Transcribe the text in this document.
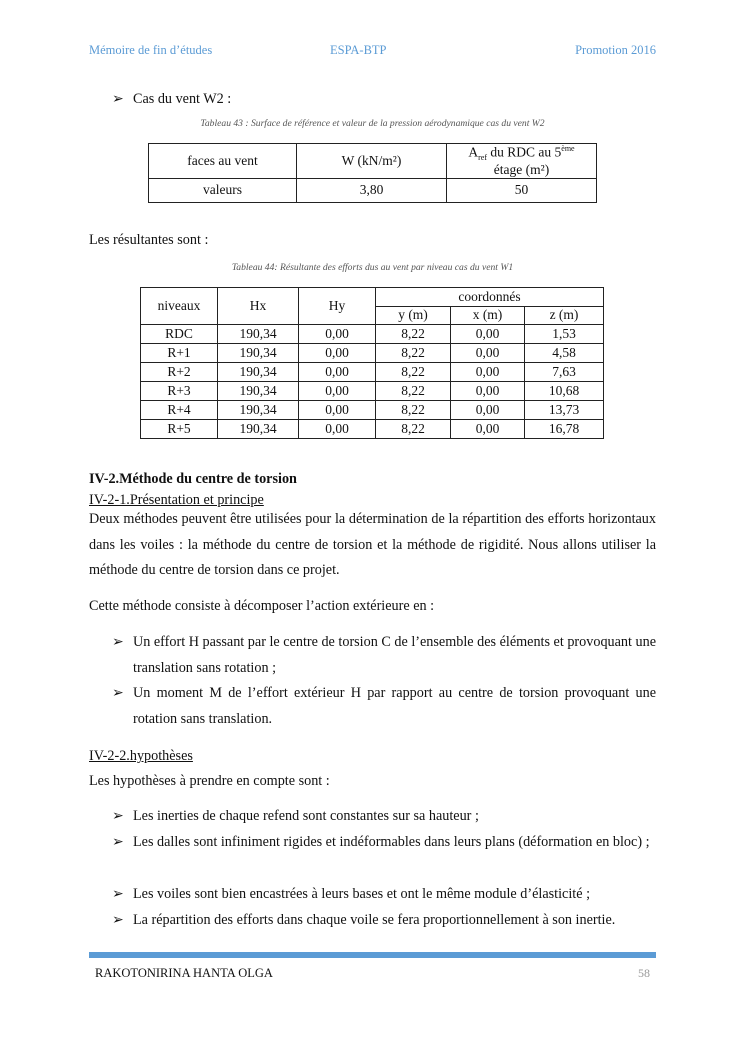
Mémoire de fin d’études	ESPA-BTP	Promotion 2016
➢ Cas du vent W2 :
Tableau 43 : Surface de référence et valeur de la pression aérodynamique cas du vent W2
faces au vent	W (kN/m²)	$A_{ref}$ du RDC au 5ème
étage (m²)
valeurs	3,80	50
Les résultantes sont :
Tableau 44: Résultante des efforts dus au vent par niveau cas du vent W1
niveaux	Hx	Hy	coordonnés		
			y (m)	x (m)	z (m)
RDC	190,34	0,00	8,22	0,00	1,53
R+1	190,34	0,00	8,22	0,00	4,58
R+2	190,34	0,00	8,22	0,00	7,63
R+3	190,34	0,00	8,22	0,00	10,68
R+4	190,34	0,00	8,22	0,00	13,73
R+5	190,34	0,00	8,22	0,00	16,78
IV-2.Méthode du centre de torsion
IV-2-1.Présentation et principe
Deux méthodes peuvent être utilisées pour la détermination de la répartition des efforts horizontaux dans les voiles : la méthode du centre de torsion et la méthode de rigidité. Nous allons utiliser la méthode du centre de torsion dans ce projet.
Cette méthode consiste à décomposer l’action extérieure en :
➢ Un effort H passant par le centre de torsion C de l’ensemble des éléments et provoquant une translation sans rotation ;
➢ Un moment M de l’effort extérieur H par rapport au centre de torsion provoquant une rotation sans translation.
IV-2-2.hypothèses
Les hypothèses à prendre en compte sont :
➢ Les inerties de chaque refend sont constantes sur sa hauteur ;
➢ Les dalles sont infiniment rigides et indéformables dans leurs plans (déformation en bloc) ;
➢ Les voiles sont bien encastrées à leurs bases et ont le même module d’élasticité ;
➢ La répartition des efforts dans chaque voile se fera proportionnellement à son inertie.
RAKOTONIRINA HANTA OLGA	58
